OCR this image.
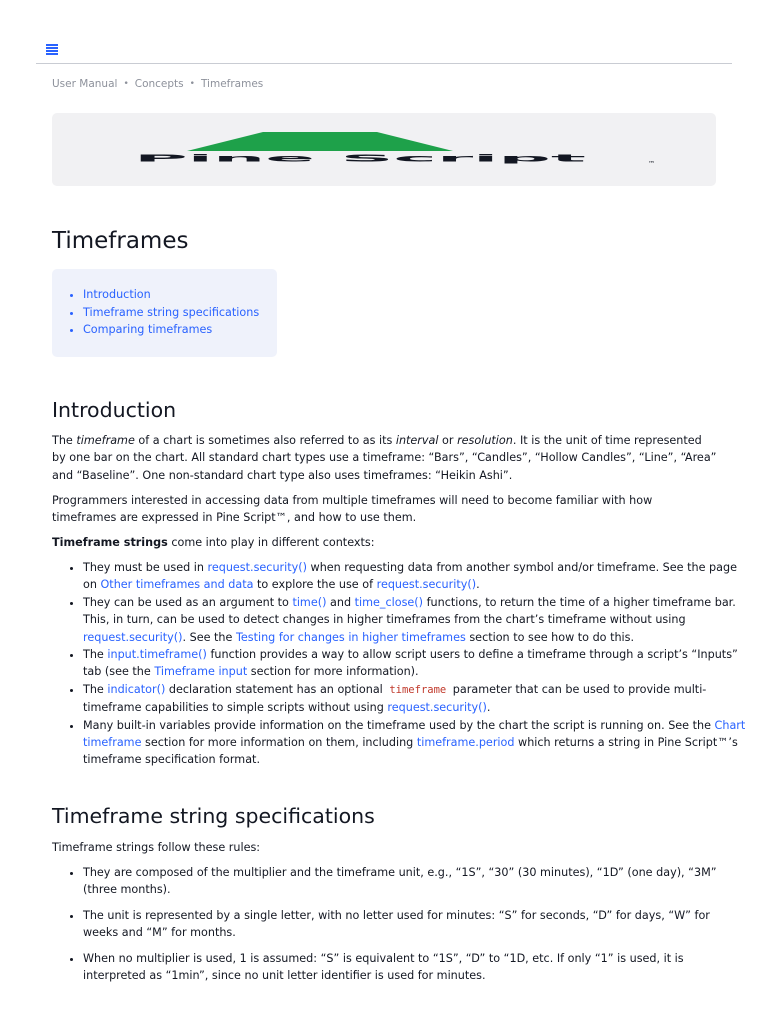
User Manual • Concepts • Timeframes
Pine Script	™
Timeframes
• Introduction
• Timeframe string specifications
• Comparing timeframes
Introduction

The timeframe of a chart is sometimes also referred to as its interval or resolution. It is the unit of time represented by one bar on the chart. All standard chart types use a timeframe: “Bars”, “Candles”, “Hollow Candles”, “Line”, “Area” and “Baseline”. One non-standard chart type also uses timeframes: “Heikin Ashi”.

Programmers interested in accessing data from multiple timeframes will need to become familiar with how timeframes are expressed in Pine Script™, and how to use them.

Timeframe strings come into play in different contexts:

• They must be used in request.security() when requesting data from another symbol and/or timeframe. See the page on Other timeframes and data to explore the use of request.security().
• They can be used as an argument to time() and time_close() functions, to return the time of a higher timeframe bar. This, in turn, can be used to detect changes in higher timeframes from the chart’s timeframe without using request.security(). See the Testing for changes in higher timeframes section to see how to do this.
• The input.timeframe() function provides a way to allow script users to define a timeframe through a script’s “Inputs” tab (see the Timeframe input section for more information).
• The indicator() declaration statement has an optional timeframe parameter that can be used to provide multi-timeframe capabilities to simple scripts without using request.security().
• Many built-in variables provide information on the timeframe used by the chart the script is running on. See the Chart timeframe section for more information on them, including timeframe.period which returns a string in Pine Script™’s timeframe specification format.
Timeframe string specifications

Timeframe strings follow these rules:

• They are composed of the multiplier and the timeframe unit, e.g., “1S”, “30” (30 minutes), “1D” (one day), “3M” (three months).
• The unit is represented by a single letter, with no letter used for minutes: “S” for seconds, “D” for days, “W” for weeks and “M” for months.
• When no multiplier is used, 1 is assumed: “S” is equivalent to “1S”, “D” to “1D, etc. If only “1” is used, it is interpreted as “1min”, since no unit letter identifier is used for minutes.
